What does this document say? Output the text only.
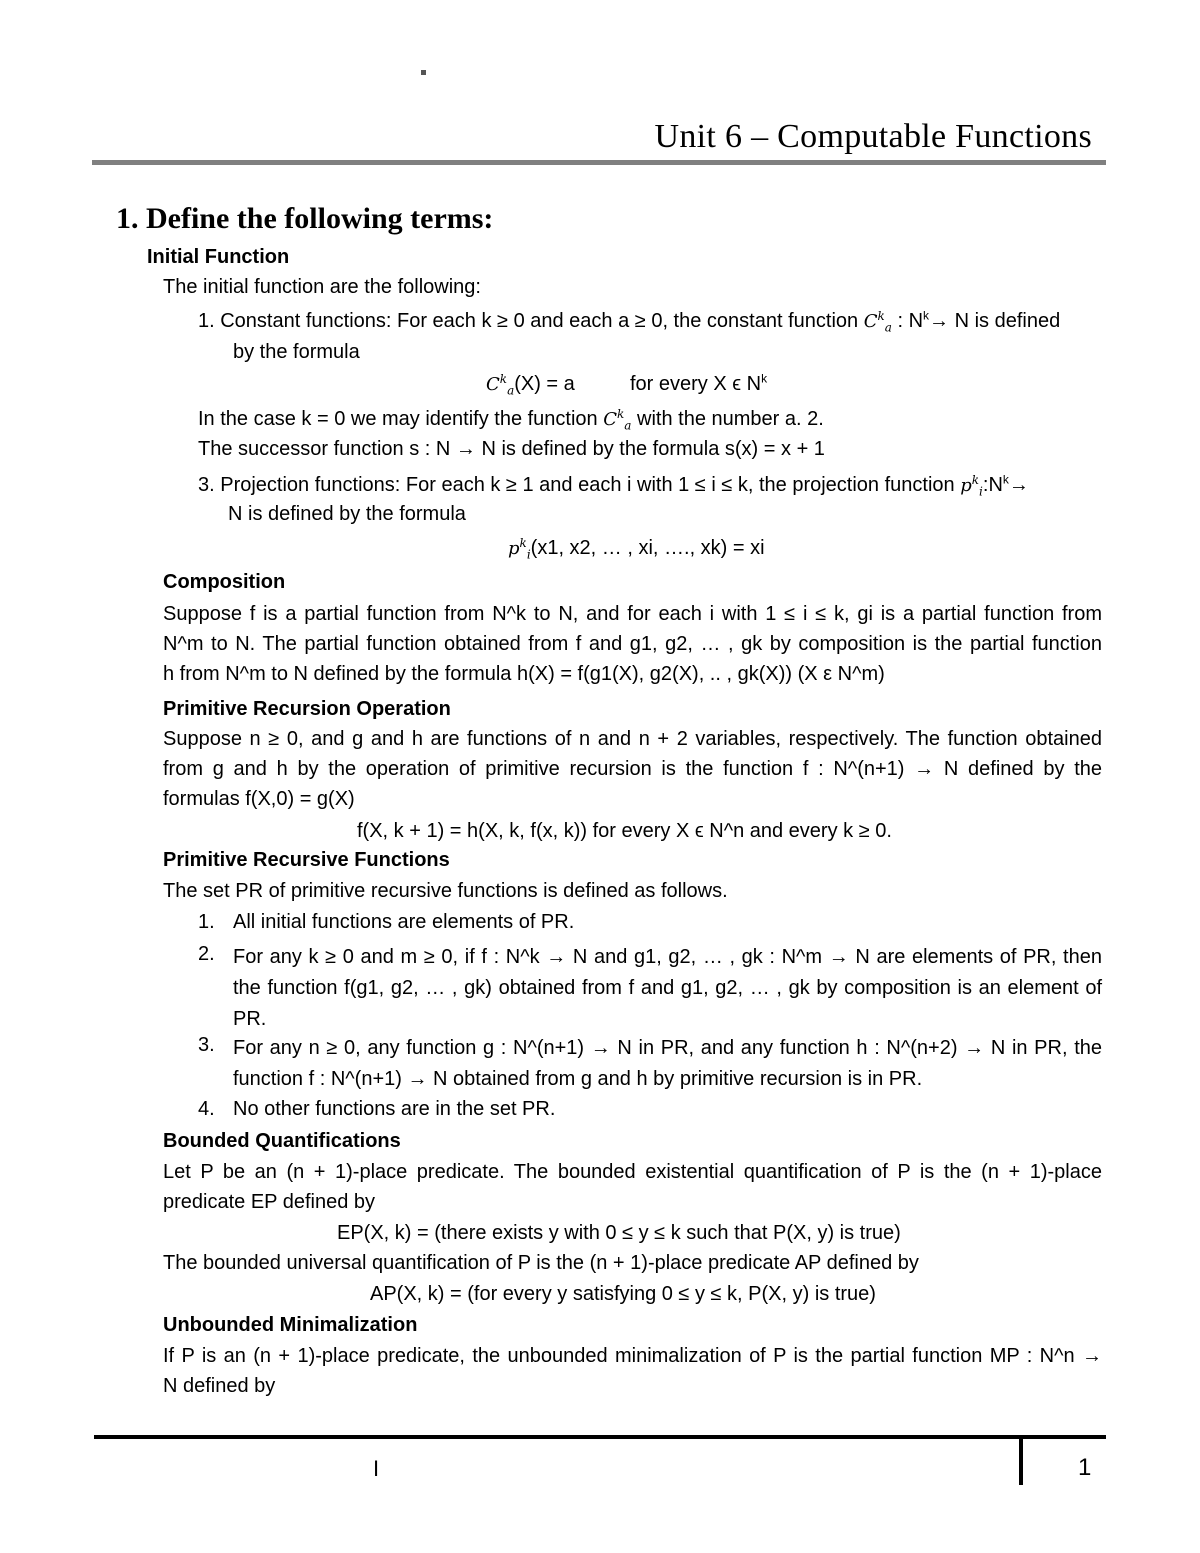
Unit 6 – Computable Functions
1. Define the following terms:
Initial Function
The initial function are the following:
1. Constant functions: For each k ≥ 0 and each a ≥ 0, the constant function $C^k_a$ : $N^k\to N$ is defined
by the formula
$C^k_a(X) = a$	for every X ϵ $N^k$
In the case k = 0 we may identify the function $C^k_a$ with the number a. 2.
The successor function s : N → N is defined by the formula s(x) = x + 1
3. Projection functions: For each k ≥ 1 and each i with 1 ≤ i ≤ k, the projection function $p^k_i:N^k\to$
N is defined by the formula
$p^k_i(x1$, x2, … , xi, …., xk) = xi
Composition
Suppose f is a partial function from N^k to N, and for each i with 1 ≤ i ≤ k, gi is a partial function from
N^m to N. The partial function obtained from f and g1, g2, … , gk by composition is the partial function
h from N^m to N defined by the formula h(X) = f(g1(X), g2(X), .. , gk(X)) (X ε N^m)
Primitive Recursion Operation
Suppose n ≥ 0, and g and h are functions of n and n + 2 variables, respectively. The function obtained
from g and h by the operation of primitive recursion is the function f : N^(n+1) → N defined by the
formulas f(X,0) = g(X)
f(X, k + 1) = h(X, k, f(x, k)) for every X ϵ N^n and every k ≥ 0.
Primitive Recursive Functions
The set PR of primitive recursive functions is defined as follows.
1. All initial functions are elements of PR.
2. For any k ≥ 0 and m ≥ 0, if f : N^k → N and g1, g2, … , gk : N^m → N are elements of PR, then the function f(g1, g2, … , gk) obtained from f and g1, g2, … , gk by composition is an element of PR.
3. For any n ≥ 0, any function g : N^(n+1) → N in PR, and any function h : N^(n+2) → N in PR, the function f : N^(n+1) → N obtained from g and h by primitive recursion is in PR.
4. No other functions are in the set PR.
Bounded Quantifications
Let P be an (n + 1)-place predicate. The bounded existential quantification of P is the (n + 1)-place
predicate EP defined by
EP(X, k) = (there exists y with 0 ≤ y ≤ k such that P(X, y) is true)
The bounded universal quantification of P is the (n + 1)-place predicate AP defined by
AP(X, k) = (for every y satisfying 0 ≤ y ≤ k, P(X, y) is true)
Unbounded Minimalization
If P is an (n + 1)-place predicate, the unbounded minimalization of P is the partial function MP : N^n →
N defined by
I	1
